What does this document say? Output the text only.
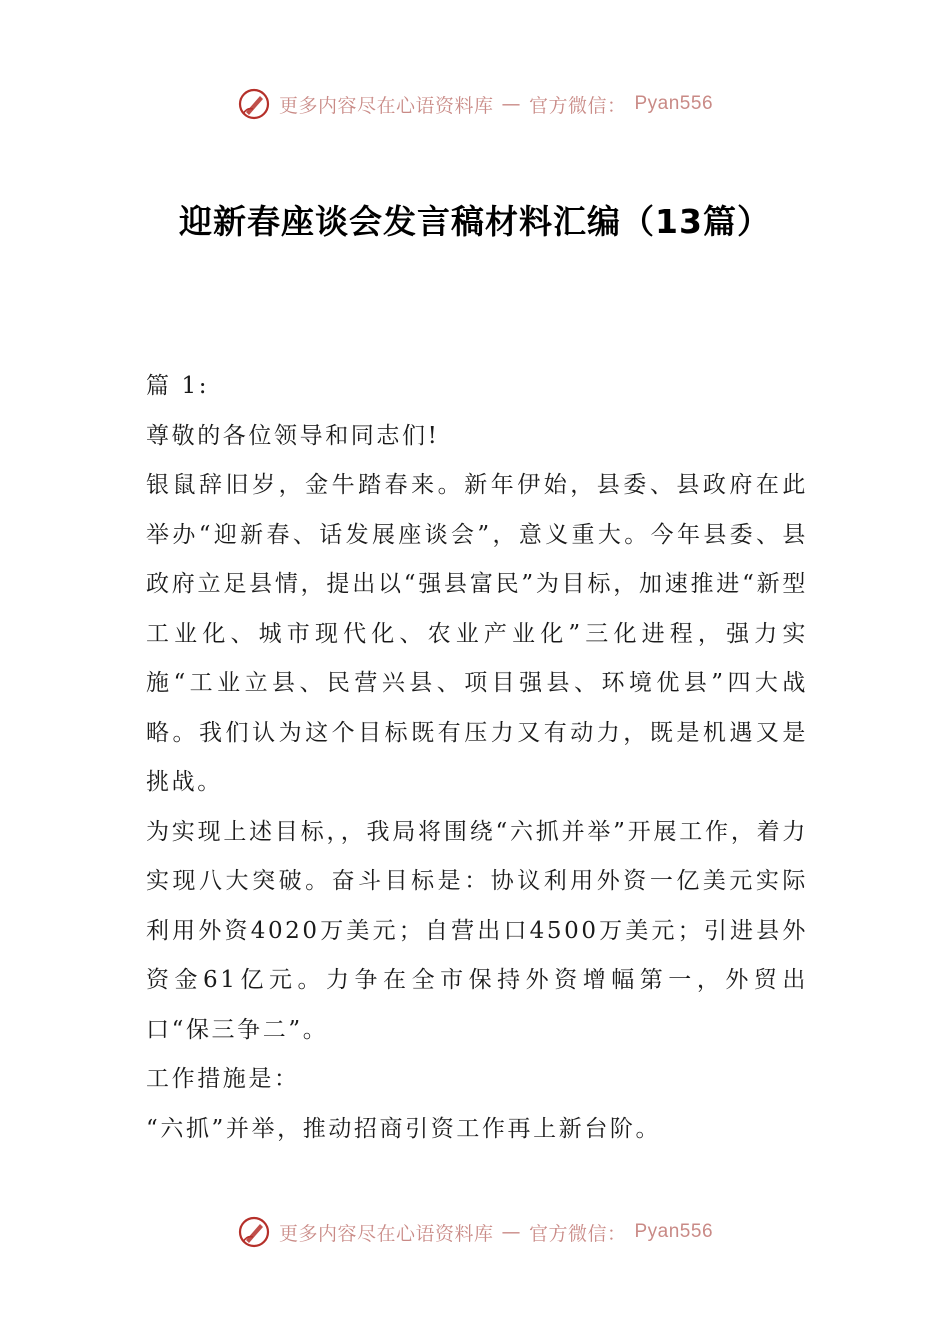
更多内容尽在心语资料库 — 官方微信： Pyan556
迎新春座谈会发言稿材料汇编（13篇）

篇 1:

尊敬的各位领导和同志们!

银鼠辞旧岁，金牛踏春来。新年伊始，县委、县政府在此举办“迎新春、话发展座谈会”，意义重大。今年县委、县政府立足县情，提出以“强县富民”为目标，加速推进“新型工业化、城市现代化、农业产业化”三化进程，强力实施“工业立县、民营兴县、项目强县、环境优县”四大战略。我们认为这个目标既有压力又有动力，既是机遇又是挑战。

为实现上述目标，，我局将围绕“六抓并举”开展工作，着力实现八大突破。奋斗目标是：协议利用外资一亿美元实际利用外资4020万美元；自营出口4500万美元；引进县外资金61亿元。力争在全市保持外资增幅第一，外贸出口“保三争二”。

工作措施是：

“六抓”并举，推动招商引资工作再上新台阶。

更多内容尽在心语资料库 — 官方微信： Pyan556
